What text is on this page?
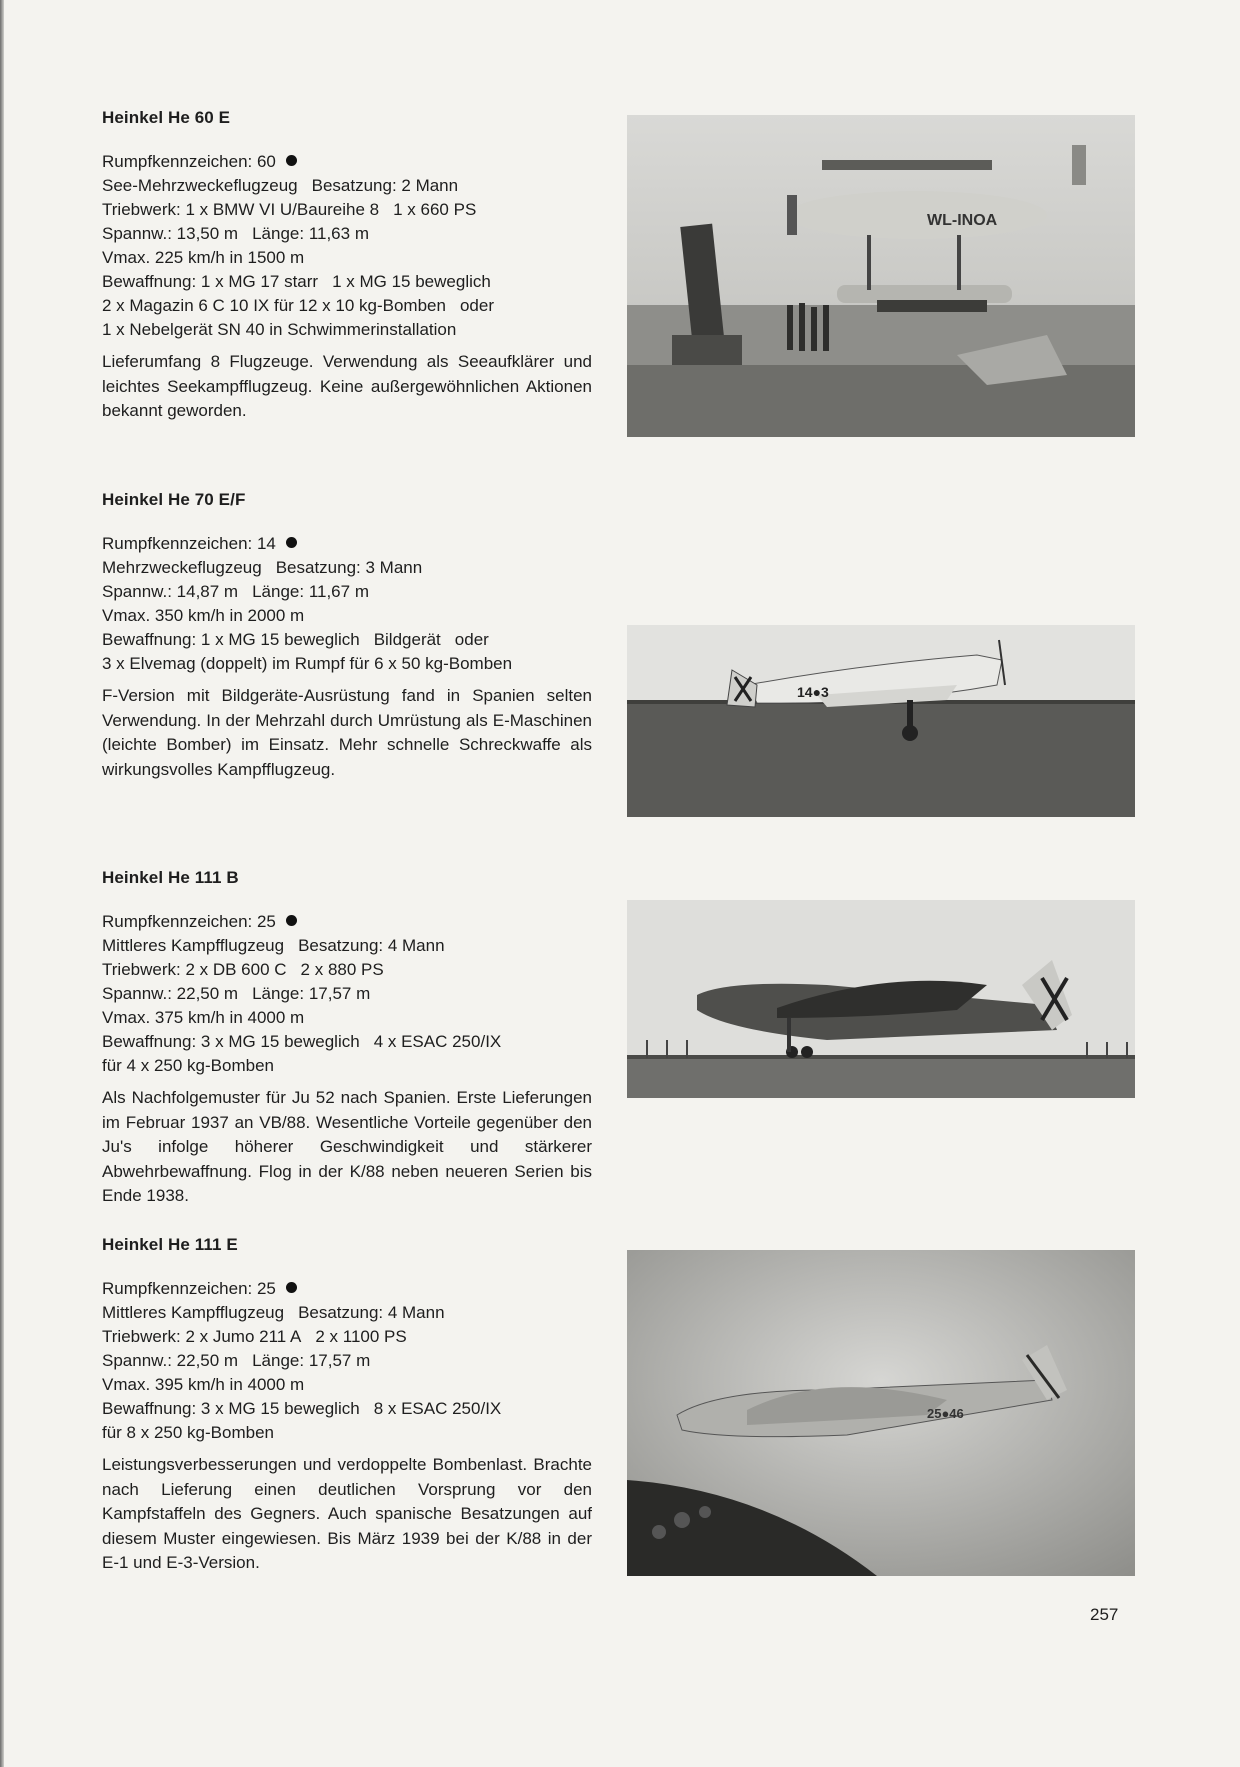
Heinkel He 60 E
Rumpfkennzeichen: 60
See-Mehrzweckeflugzeug Besatzung: 2 Mann
Triebwerk: 1 x BMW VI U/Baureihe 8 1 x 660 PS
Spannw.: 13,50 m Länge: 11,63 m
Vmax. 225 km/h in 1500 m
Bewaffnung: 1 x MG 17 starr 1 x MG 15 beweglich
2 x Magazin 6 C 10 IX für 12 x 10 kg-Bomben oder
1 x Nebelgerät SN 40 in Schwimmerinstallation

Lieferumfang 8 Flugzeuge. Verwendung als Seeaufklärer und leichtes Seekampfflugzeug. Keine außergewöhnlichen Aktionen bekannt geworden.

WL-INOA
Heinkel He 70 E/F
Rumpfkennzeichen: 14
Mehrzweckeflugzeug Besatzung: 3 Mann
Spannw.: 14,87 m Länge: 11,67 m
Vmax. 350 km/h in 2000 m
Bewaffnung: 1 x MG 15 beweglich Bildgerät oder
3 x Elvemag (doppelt) im Rumpf für 6 x 50 kg-Bomben

F-Version mit Bildgeräte-Ausrüstung fand in Spanien selten Verwendung. In der Mehrzahl durch Umrüstung als E-Maschinen (leichte Bomber) im Einsatz. Mehr schnelle Schreckwaffe als wirkungsvolles Kampfflugzeug.

14●3
Heinkel He 111 B
Rumpfkennzeichen: 25
Mittleres Kampfflugzeug Besatzung: 4 Mann
Triebwerk: 2 x DB 600 C 2 x 880 PS
Spannw.: 22,50 m Länge: 17,57 m
Vmax. 375 km/h in 4000 m
Bewaffnung: 3 x MG 15 beweglich 4 x ESAC 250/IX
für 4 x 250 kg-Bomben

Als Nachfolgemuster für Ju 52 nach Spanien. Erste Lieferungen im Februar 1937 an VB/88. Wesentliche Vorteile gegenüber den Ju's infolge höherer Geschwindigkeit und stärkerer Abwehrbewaffnung. Flog in der K/88 neben neueren Serien bis Ende 1938.

Heinkel He 111 E
Rumpfkennzeichen: 25
Mittleres Kampfflugzeug Besatzung: 4 Mann
Triebwerk: 2 x Jumo 211 A 2 x 1100 PS
Spannw.: 22,50 m Länge: 17,57 m
Vmax. 395 km/h in 4000 m
Bewaffnung: 3 x MG 15 beweglich 8 x ESAC 250/IX
für 8 x 250 kg-Bomben

Leistungsverbesserungen und verdoppelte Bombenlast. Brachte nach Lieferung einen deutlichen Vorsprung vor den Kampfstaffeln des Gegners. Auch spanische Besatzungen auf diesem Muster eingewiesen. Bis März 1939 bei der K/88 in der E-1 und E-3-Version.

25●46
257
